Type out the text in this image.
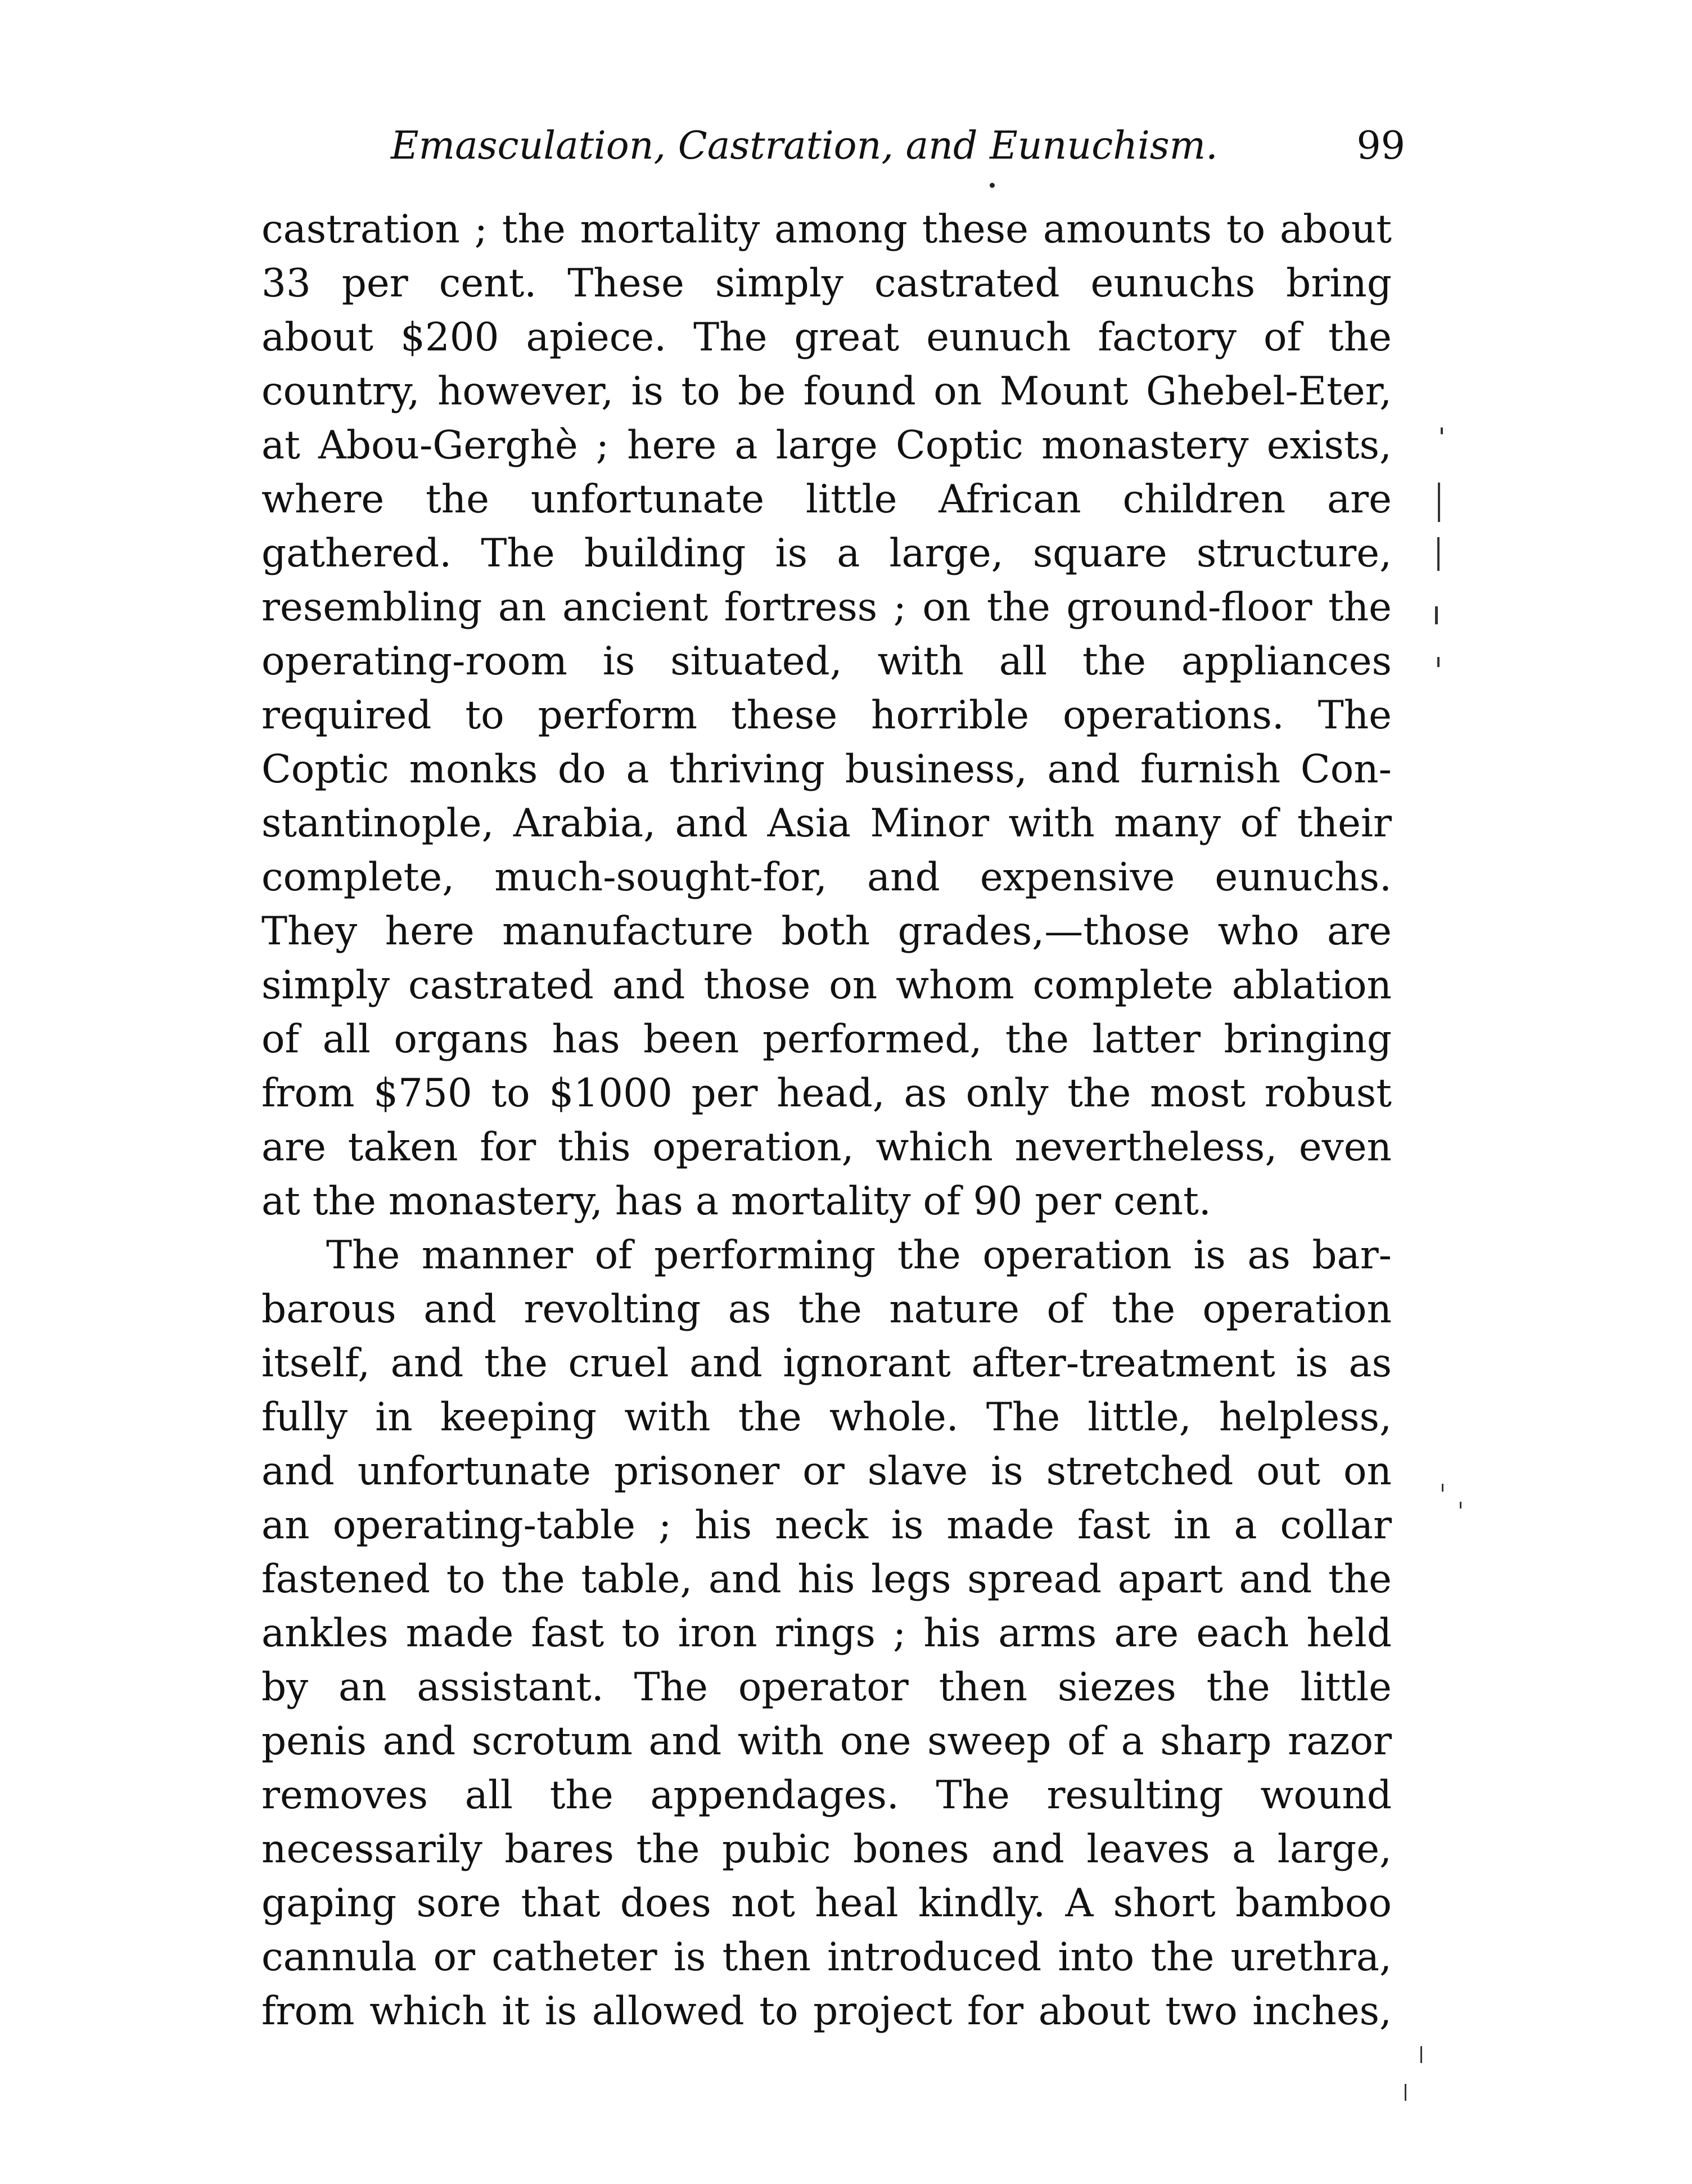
Emasculation, Castration, and Eunuchism.	99
castration ; the mortality among these amounts to about
33 per cent. These simply castrated eunuchs bring
about $200 apiece. The great eunuch factory of the
country, however, is to be found on Mount Ghebel-Eter,
at Abou-Gerghè ; here a large Coptic monastery exists,
where the unfortunate little African children are
gathered. The building is a large, square structure,
resembling an ancient fortress ; on the ground-floor the
operating-room is situated, with all the appliances
required to perform these horrible operations. The
Coptic monks do a thriving business, and furnish Con-
stantinople, Arabia, and Asia Minor with many of their
complete, much-sought-for, and expensive eunuchs.
They here manufacture both grades,—those who are
simply castrated and those on whom complete ablation
of all organs has been performed, the latter bringing
from $750 to $1000 per head, as only the most robust
are taken for this operation, which nevertheless, even
at the monastery, has a mortality of 90 per cent.
The manner of performing the operation is as bar-
barous and revolting as the nature of the operation
itself, and the cruel and ignorant after-treatment is as
fully in keeping with the whole. The little, helpless,
and unfortunate prisoner or slave is stretched out on
an operating-table ; his neck is made fast in a collar
fastened to the table, and his legs spread apart and the
ankles made fast to iron rings ; his arms are each held
by an assistant. The operator then siezes the little
penis and scrotum and with one sweep of a sharp razor
removes all the appendages. The resulting wound
necessarily bares the pubic bones and leaves a large,
gaping sore that does not heal kindly. A short bamboo
cannula or catheter is then introduced into the urethra,
from which it is allowed to project for about two inches,
